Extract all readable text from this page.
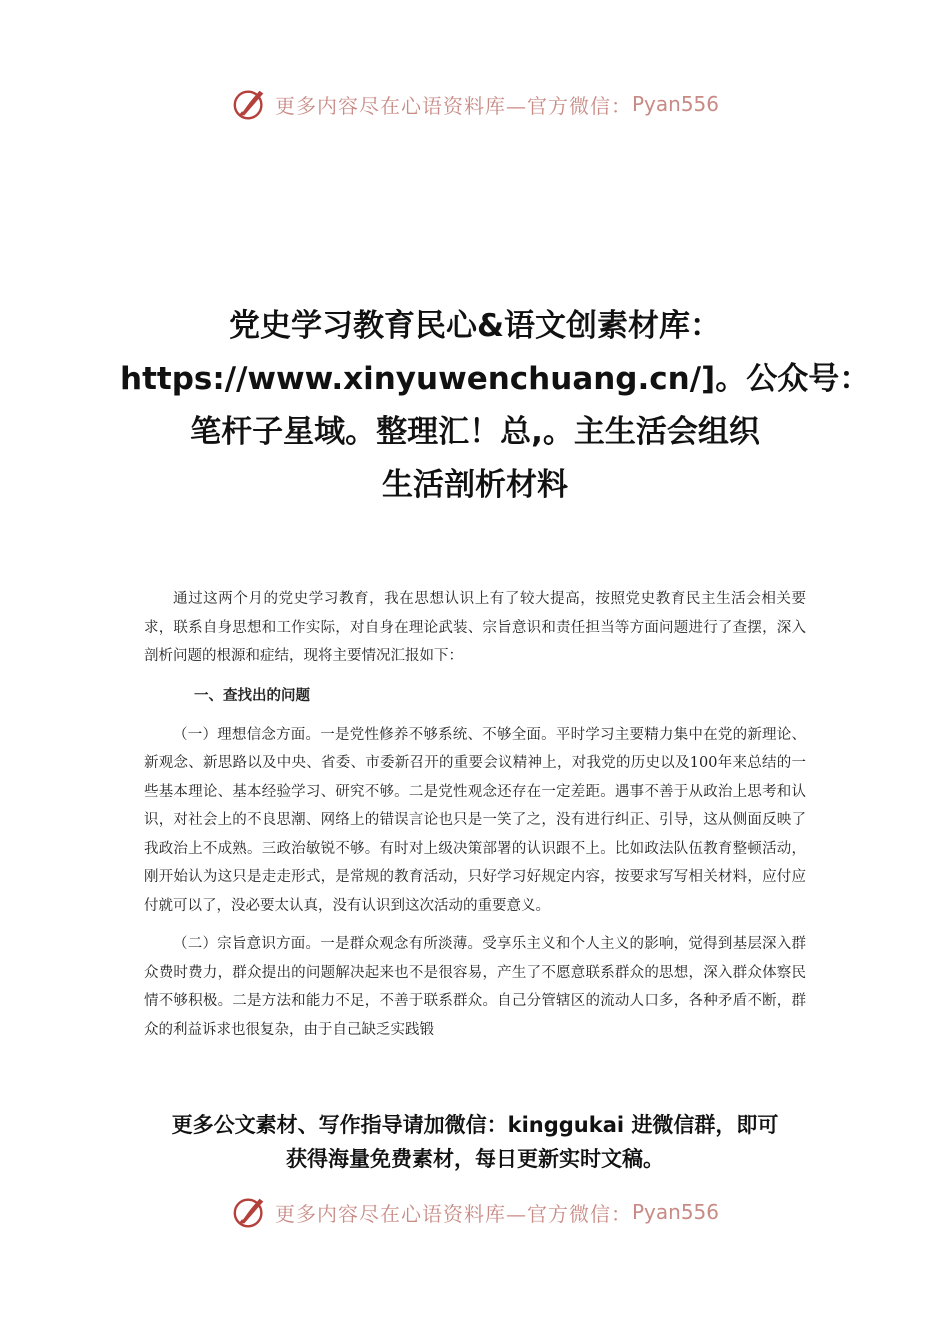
更多内容尽在心语资料库—官方微信： Pyan556
党史学习教育民心&语文创素材库：
https://www.xinyuwenchuang.cn/]。公众号：
笔杆子星域。整理汇！总,。主生活会组织
生活剖析材料

通过这两个月的党史学习教育，我在思想认识上有了较大提高，按照党史教育民主生活会相关要求，联系自身思想和工作实际，对自身在理论武装、宗旨意识和责任担当等方面问题进行了查摆，深入剖析问题的根源和症结，现将主要情况汇报如下：

一、查找出的问题

（一）理想信念方面。一是党性修养不够系统、不够全面。平时学习主要精力集中在党的新理论、新观念、新思路以及中央、省委、市委新召开的重要会议精神上，对我党的历史以及100年来总结的一些基本理论、基本经验学习、研究不够。二是党性观念还存在一定差距。遇事不善于从政治上思考和认识，对社会上的不良思潮、网络上的错误言论也只是一笑了之，没有进行纠正、引导，这从侧面反映了我政治上不成熟。三政治敏锐不够。有时对上级决策部署的认识跟不上。比如政法队伍教育整顿活动，刚开始认为这只是走走形式，是常规的教育活动，只好学习好规定内容，按要求写写相关材料，应付应付就可以了，没必要太认真，没有认识到这次活动的重要意义。

（二）宗旨意识方面。一是群众观念有所淡薄。受享乐主义和个人主义的影响，觉得到基层深入群众费时费力，群众提出的问题解决起来也不是很容易，产生了不愿意联系群众的思想，深入群众体察民情不够积极。二是方法和能力不足，不善于联系群众。自己分管辖区的流动人口多，各种矛盾不断，群众的利益诉求也很复杂，由于自己缺乏实践锻

更多公文素材、写作指导请加微信：kinggukai 进微信群，即可
获得海量免费素材，每日更新实时文稿。
更多内容尽在心语资料库—官方微信： Pyan556
